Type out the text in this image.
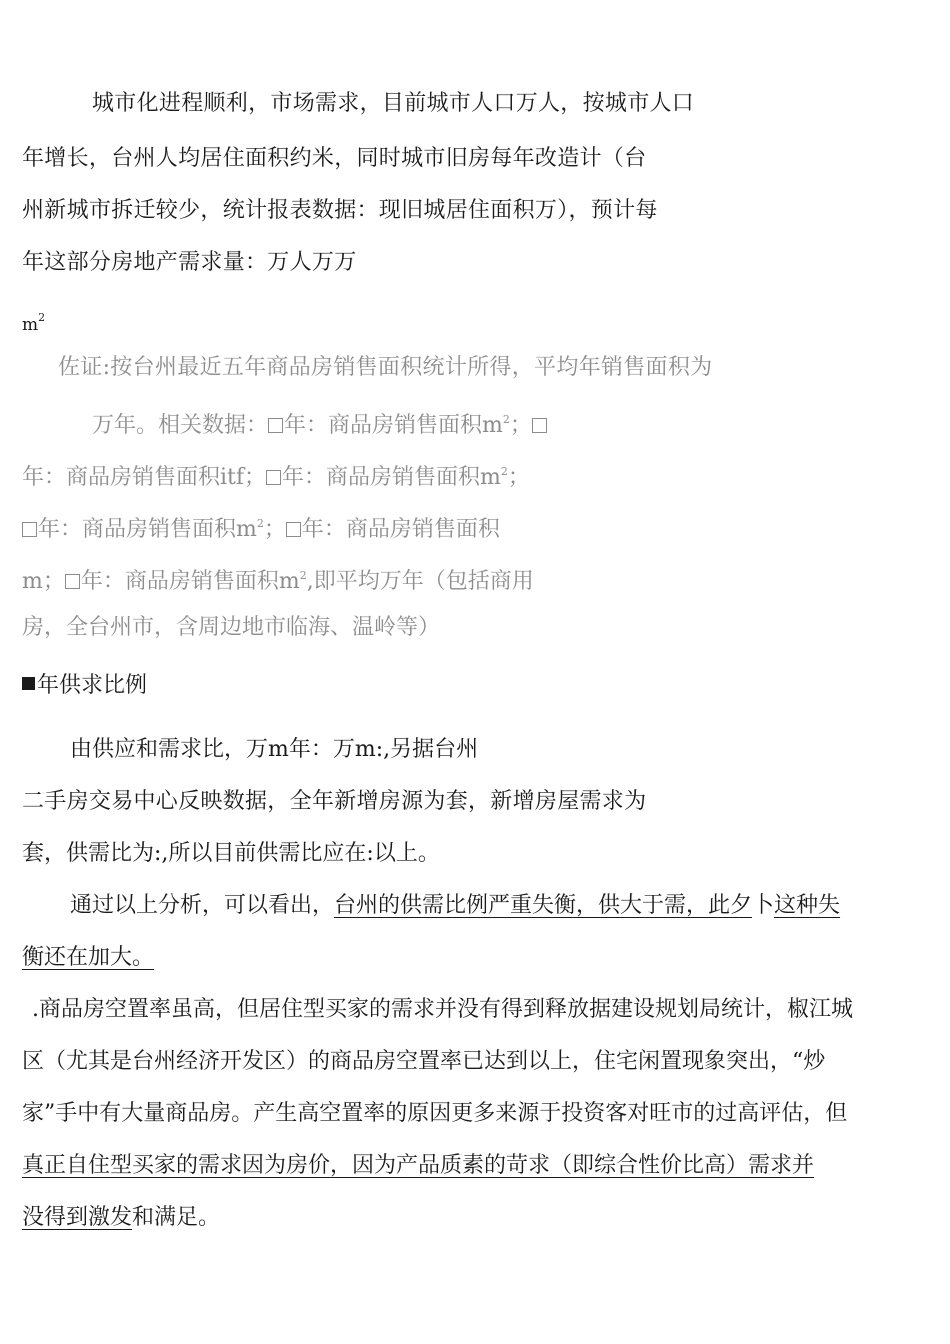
城市化进程顺利，市场需求，目前城市人口万人，按城市人口
年增长，台州人均居住面积约米，同时城市旧房每年改造计（台
州新城市拆迁较少，统计报表数据：现旧城居住面积万），预计每
年这部分房地产需求量：万人万万
$m^2$
佐证:按台州最近五年商品房销售面积统计所得，平均年销售面积为
万年。相关数据： 年：商品房销售面积$m^2$；
年：商品房销售面积itf； 年：商品房销售面积$m^2$；
年：商品房销售面积$m^2$； 年：商品房销售面积
m； 年：商品房销售面积$m^2$,即平均万年（包括商用
房，全台州市，含周边地市临海、温岭等）
年供求比例
由供应和需求比，万m年：万m:,另据台州
二手房交易中心反映数据，全年新增房源为套，新增房屋需求为
套，供需比为:,所以目前供需比应在:以上。
通过以上分析，可以看出，台州的供需比例严重失衡，供大于需，此夕卜这种失
衡还在加大。
.商品房空置率虽高，但居住型买家的需求并没有得到释放据建设规划局统计，椒江城
区（尤其是台州经济开发区）的商品房空置率已达到以上，住宅闲置现象突出，“炒
家”手中有大量商品房。产生高空置率的原因更多来源于投资客对旺市的过高评估，但
真正自住型买家的需求因为房价，因为产品质素的苛求（即综合性价比高）需求并
没得到激发和满足。
